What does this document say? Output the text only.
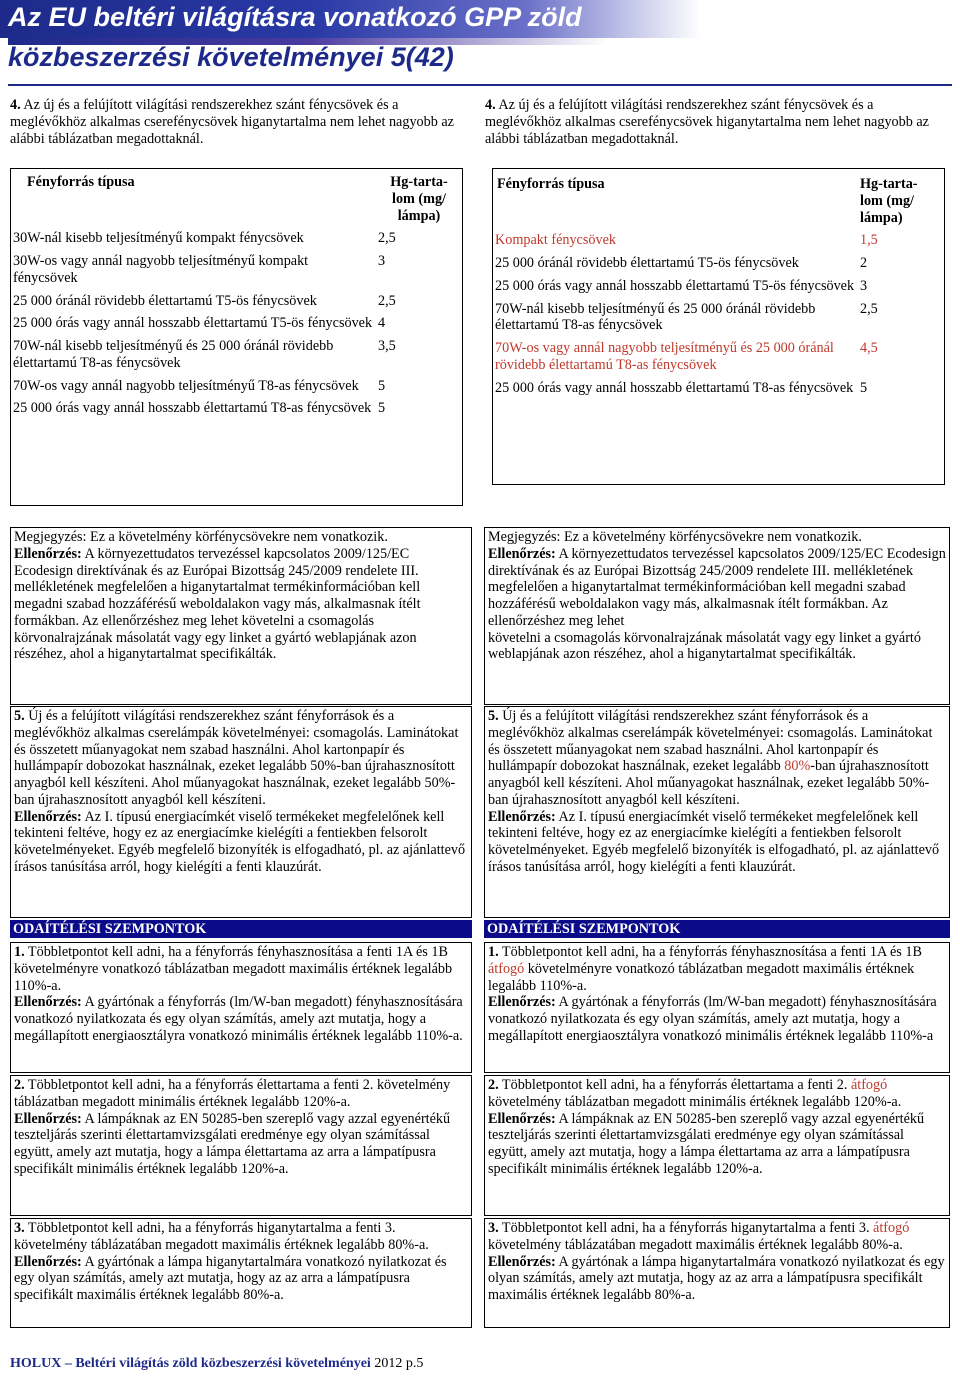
Az EU beltéri világításra vonatkozó GPP zöld
közbeszerzési követelményei 5(42)

4. Az új és a felújított világítási rendszerekhez szánt fénycsövek és a meglévőkhöz alkalmas cserefénycsövek higanytartalma nem lehet nagyobb az alábbi táblázatban megadottaknál.

Fényforrás típusa	Hg-tarta-
lom (mg/
lámpa)

30W-nál kisebb teljesítményű kompakt fénycsövek	2,5
30W-os vagy annál nagyobb teljesítményű kompakt fénycsövek	3
25 000 óránál rövidebb élettartamú T5-ös fénycsövek	2,5
25 000 órás vagy annál hosszabb élettartamú T5-ös fénycsövek	4
70W-nál kisebb teljesítményű és 25 000 óránál rövidebb élettartamú T8-as fénycsövek	3,5
70W-os vagy annál nagyobb teljesítményű T8-as fénycsövek	5
25 000 órás vagy annál hosszabb élettartamú T8-as fénycsövek	5

Megjegyzés: Ez a követelmény körfénycsövekre nem vonatkozik.

Ellenőrzés: A környezettudatos tervezéssel kapcsolatos 2009/125/EC Ecodesign direktívának és az Európai Bizottság 245/2009 rendelete III. mellékletének megfelelően a higanytartalmat termékinformációban kell megadni szabad hozzáférésű weboldalakon vagy más, alkalmasnak ítélt formákban. Az ellenőrzéshez meg lehet követelni a csomagolás körvonalrajzának másolatát vagy egy linket a gyártó weblapjának azon részéhez, ahol a higanytartalmat specifikálták.

5. Új és a felújított világítási rendszerekhez szánt fényforrások és a meglévőkhöz alkalmas cserelámpák követelményei: csomagolás. Laminátokat és összetett műanyagokat nem szabad használni. Ahol kartonpapír és hullámpapír dobozokat használnak, ezeket legalább 50%-ban újrahasznosított anyagból kell készíteni. Ahol műanyagokat használnak, ezeket legalább 50%-ban újrahasznosított anyagból kell készíteni.

Ellenőrzés: Az I. típusú energiacímkét viselő termékeket megfelelőnek kell tekinteni feltéve, hogy ez az energiacímke kielégíti a fentiekben felsorolt követelményeket. Egyéb megfelelő bizonyíték is elfogadható, pl. az ajánlattevő írásos tanúsítása arról, hogy kielégíti a fenti klauzúrát.

ODAÍTÉLÉSI SZEMPONTOK

1. Többletpontot kell adni, ha a fényforrás fényhasznosítása a fenti 1A és 1B követelményre vonatkozó táblázatban megadott maximális értéknek legalább 110%-a.

Ellenőrzés: A gyártónak a fényforrás (lm/W-ban megadott) fényhasznosítására vonatkozó nyilatkozata és egy olyan számítás, amely azt mutatja, hogy a megállapított energiaosztályra vonatkozó minimális értéknek legalább 110%-a.

2. Többletpontot kell adni, ha a fényforrás élettartama a fenti 2. követelmény táblázatban megadott minimális értéknek legalább 120%-a.

Ellenőrzés: A lámpáknak az EN 50285-ben szereplő vagy azzal egyenértékű teszteljárás szerinti élettartamvizsgálati eredménye egy olyan számítással együtt, amely azt mutatja, hogy a lámpa élettartama az arra a lámpatípusra specifikált minimális értéknek legalább 120%-a.

3. Többletpontot kell adni, ha a fényforrás higanytartalma a fenti 3. követelmény táblázatában megadott maximális értéknek legalább 80%-a.

Ellenőrzés: A gyártónak a lámpa higanytartalmára vonatkozó nyilatkozat és egy olyan számítás, amely azt mutatja, hogy az az arra a lámpatípusra specifikált maximális értéknek legalább 80%-a.

4. Az új és a felújított világítási rendszerekhez szánt fénycsövek és a meglévőkhöz alkalmas cserefénycsövek higanytartalma nem lehet nagyobb az alábbi táblázatban megadottaknál.

Fényforrás típusa	Hg-tarta-
lom (mg/
lámpa)

Kompakt fénycsövek	1,5
25 000 óránál rövidebb élettartamú T5-ös fénycsövek	2
25 000 órás vagy annál hosszabb élettartamú T5-ös fénycsövek	3
70W-nál kisebb teljesítményű és 25 000 óránál rövidebb élettartamú T8-as fénycsövek	2,5
70W-os vagy annál nagyobb teljesítményű és 25 000 óránál rövidebb élettartamú T8-as fénycsövek	4,5
25 000 órás vagy annál hosszabb élettartamú T8-as fénycsövek	5

Megjegyzés: Ez a követelmény körfénycsövekre nem vonatkozik.

Ellenőrzés: A környezettudatos tervezéssel kapcsolatos 2009/125/EC Ecodesign direktívának és az Európai Bizottság 245/2009 rendelete III. mellékletének megfelelően a higanytartalmat termékinformációban kell megadni szabad hozzáférésű weboldalakon vagy más, alkalmasnak ítélt formákban. Az ellenőrzéshez meg lehet

követelni a csomagolás körvonalrajzának másolatát vagy egy linket a gyártó weblapjának azon részéhez, ahol a higanytartalmat specifikálták.

5. Új és a felújított világítási rendszerekhez szánt fényforrások és a meglévőkhöz alkalmas cserelámpák követelményei: csomagolás. Laminátokat és összetett műanyagokat nem szabad használni. Ahol kartonpapír és hullámpapír dobozokat használnak, ezeket legalább 80%-ban újrahasznosított anyagból kell készíteni. Ahol műanyagokat használnak, ezeket legalább 50%-ban újrahasznosított anyagból kell készíteni.

Ellenőrzés: Az I. típusú energiacímkét viselő termékeket megfelelőnek kell tekinteni feltéve, hogy ez az energiacímke kielégíti a fentiekben felsorolt követelményeket. Egyéb megfelelő bizonyíték is elfogadható, pl. az ajánlattevő írásos tanúsítása arról, hogy kielégíti a fenti klauzúrát.

ODAÍTÉLÉSI SZEMPONTOK

1. Többletpontot kell adni, ha a fényforrás fényhasznosítása a fenti 1A és 1B átfogó követelményre vonatkozó táblázatban megadott maximális értéknek legalább 110%-a.

Ellenőrzés: A gyártónak a fényforrás (lm/W-ban megadott) fényhasznosítására vonatkozó nyilatkozata és egy olyan számítás, amely azt mutatja, hogy a megállapított energiaosztályra vonatkozó minimális értéknek legalább 110%-a

2. Többletpontot kell adni, ha a fényforrás élettartama a fenti 2. átfogó követelmény táblázatban megadott minimális értéknek legalább 120%-a.

Ellenőrzés: A lámpáknak az EN 50285-ben szereplő vagy azzal egyenértékű teszteljárás szerinti élettartamvizsgálati eredménye egy olyan számítással együtt, amely azt mutatja, hogy a lámpa élettartama az arra a lámpatípusra specifikált minimális értéknek legalább 120%-a.

3. Többletpontot kell adni, ha a fényforrás higanytartalma a fenti 3. átfogó követelmény táblázatában megadott maximális értéknek legalább 80%-a.

Ellenőrzés: A gyártónak a lámpa higanytartalmára vonatkozó nyilatkozat és egy olyan számítás, amely azt mutatja, hogy az az arra a lámpatípusra specifikált maximális értéknek legalább 80%-a.

HOLUX – Beltéri világítás zöld közbeszerzési követelményei 2012 p.5
